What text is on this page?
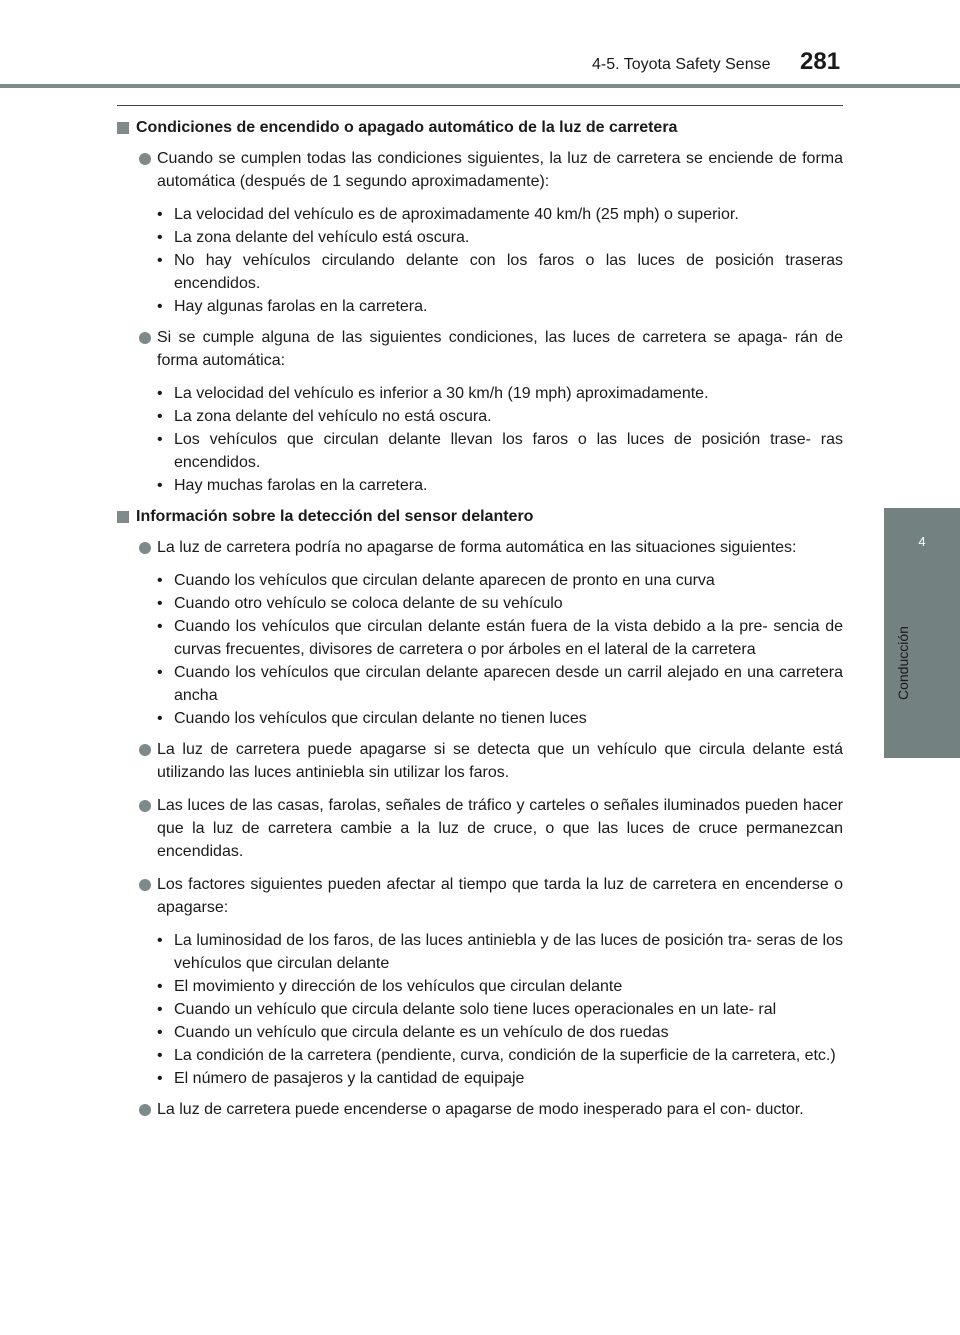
4-5. Toyota Safety Sense 281
4
Conducción
Condiciones de encendido o apagado automático de la luz de carretera
Cuando se cumplen todas las condiciones siguientes, la luz de carretera se enciende de forma automática (después de 1 segundo aproximadamente):
• La velocidad del vehículo es de aproximadamente 40 km/h (25 mph) o superior.
• La zona delante del vehículo está oscura.
• No hay vehículos circulando delante con los faros o las luces de posición traseras encendidos.
• Hay algunas farolas en la carretera.
Si se cumple alguna de las siguientes condiciones, las luces de carretera se apaga- rán de forma automática:
• La velocidad del vehículo es inferior a 30 km/h (19 mph) aproximadamente.
• La zona delante del vehículo no está oscura.
• Los vehículos que circulan delante llevan los faros o las luces de posición trase- ras encendidos.
• Hay muchas farolas en la carretera.
Información sobre la detección del sensor delantero
La luz de carretera podría no apagarse de forma automática en las situaciones siguientes:
• Cuando los vehículos que circulan delante aparecen de pronto en una curva
• Cuando otro vehículo se coloca delante de su vehículo
• Cuando los vehículos que circulan delante están fuera de la vista debido a la pre- sencia de curvas frecuentes, divisores de carretera o por árboles en el lateral de la carretera
• Cuando los vehículos que circulan delante aparecen desde un carril alejado en una carretera ancha
• Cuando los vehículos que circulan delante no tienen luces
La luz de carretera puede apagarse si se detecta que un vehículo que circula delante está utilizando las luces antiniebla sin utilizar los faros.
Las luces de las casas, farolas, señales de tráfico y carteles o señales iluminados pueden hacer que la luz de carretera cambie a la luz de cruce, o que las luces de cruce permanezcan encendidas.
Los factores siguientes pueden afectar al tiempo que tarda la luz de carretera en encenderse o apagarse:
• La luminosidad de los faros, de las luces antiniebla y de las luces de posición tra- seras de los vehículos que circulan delante
• El movimiento y dirección de los vehículos que circulan delante
• Cuando un vehículo que circula delante solo tiene luces operacionales en un late- ral
• Cuando un vehículo que circula delante es un vehículo de dos ruedas
• La condición de la carretera (pendiente, curva, condición de la superficie de la carretera, etc.)
• El número de pasajeros y la cantidad de equipaje
La luz de carretera puede encenderse o apagarse de modo inesperado para el con- ductor.
